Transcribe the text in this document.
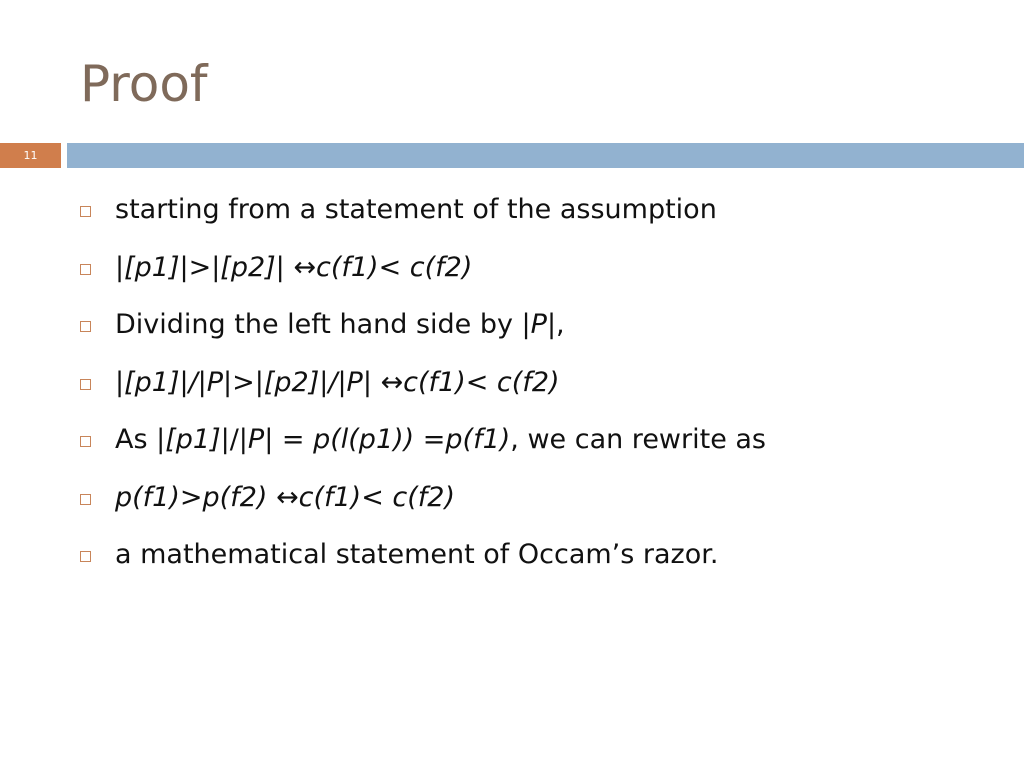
Proof
11
starting from a statement of the assumption
|[p1]|>|[p2]| ↔c(f1)< c(f2)
Dividing the left hand side by |P|,
|[p1]|/|P|>|[p2]|/|P| ↔c(f1)< c(f2)
As |[p1]|/|P| = p(l(p1)) =p(f1), we can rewrite as
p(f1)>p(f2) ↔c(f1)< c(f2)
a mathematical statement of Occam’s razor.
